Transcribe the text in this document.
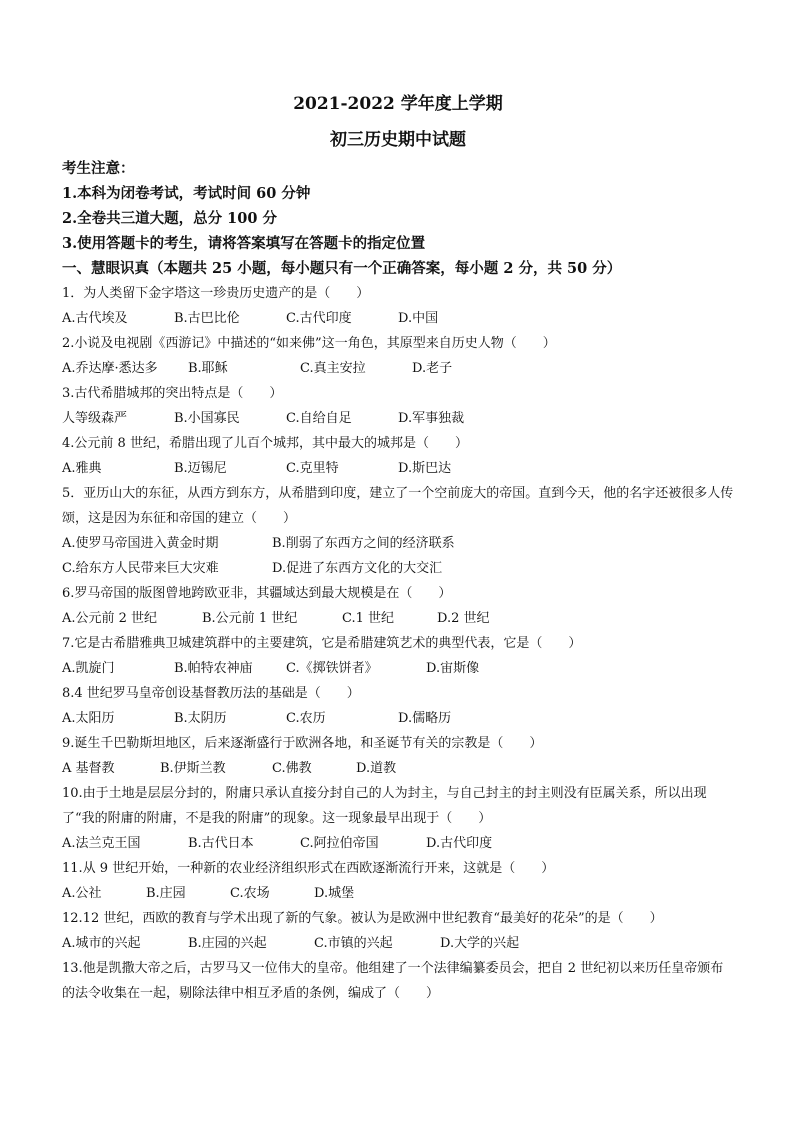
2021-2022 学年度上学期

初三历史期中试题

考生注意：

1.本科为闭卷考试，考试时间 60 分钟

2.全卷共三道大题，总分 100 分

3.使用答题卡的考生，请将答案填写在答题卡的指定位置

一、慧眼识真（本题共 25 小题，每小题只有一个正确答案，每小题 2 分，共 50 分）

1．为人类留下金字塔这一珍贵历史遗产的是（　　）

A.古代埃及	B.古巴比伦	C.古代印度	D.中国

2.小说及电视剧《西游记》中描述的“如来佛”这一角色，其原型来自历史人物（　　）

A.乔达摩·悉达多 B.耶稣	C.真主安拉	D.老子

3.古代希腊城邦的突出特点是（　　）

人等级森严	B.小国寡民	C.自给自足	D.军事独裁

4.公元前 8 世纪，希腊出现了儿百个城邦，其中最大的城邦是（　　）

A.雅典	B.迈锡尼	C.克里特	D.斯巴达

5．亚历山大的东征，从西方到东方，从希腊到印度，建立了一个空前庞大的帝国。直到今天，他的名字还被很多人传颂，这是因为东征和帝国的建立（　　）

A.使罗马帝国进入黄金时期	B.削弱了东西方之间的经济联系

C.给东方人民带来巨大灾难	D.促进了东西方文化的大交汇

6.罗马帝国的版图曾地跨欧亚非，其疆域达到最大规模是在（　　）

A.公元前 2 世纪	B.公元前 1 世纪	C.1 世纪	D.2 世纪

7.它是古希腊雅典卫城建筑群中的主要建筑，它是希腊建筑艺术的典型代表，它是（　　）

A.凯旋门	B.帕特农神庙	C.《掷铁饼者》	D.宙斯像

8.4 世纪罗马皇帝创设基督教历法的基础是（　　）

A.太阳历	B.太阴历	C.农历	D.儒略历

9.诞生千巴勒斯坦地区，后来逐渐盛行于欧洲各地，和圣诞节有关的宗教是（　　）

A 基督教	B.伊斯兰教	C.佛教	D.道教

10.由于土地是层层分封的，附庸只承认直接分封自己的人为封主，与自己封主的封主则没有臣属关系，所以出现了“我的附庸的附庸，不是我的附庸”的现象。这一现象最早出现于（　　）

A.法兰克王国	B.古代日本	C.阿拉伯帝国	D.古代印度

11.从 9 世纪开始，一种新的农业经济组织形式在西欧逐渐流行开来，这就是（　　）

A.公社	B.庄园	C.农场	D.城堡

12.12 世纪，西欧的教育与学术出现了新的气象。被认为是欧洲中世纪教育“最美好的花朵”的是（　　）

A.城市的兴起	B.庄园的兴起	C.市镇的兴起	D.大学的兴起

13.他是凯撒大帝之后，古罗马又一位伟大的皇帝。他组建了一个法律编纂委员会，把自 2 世纪初以来历任皇帝颁布的法令收集在一起，剔除法律中相互矛盾的条例，编成了（　　）
